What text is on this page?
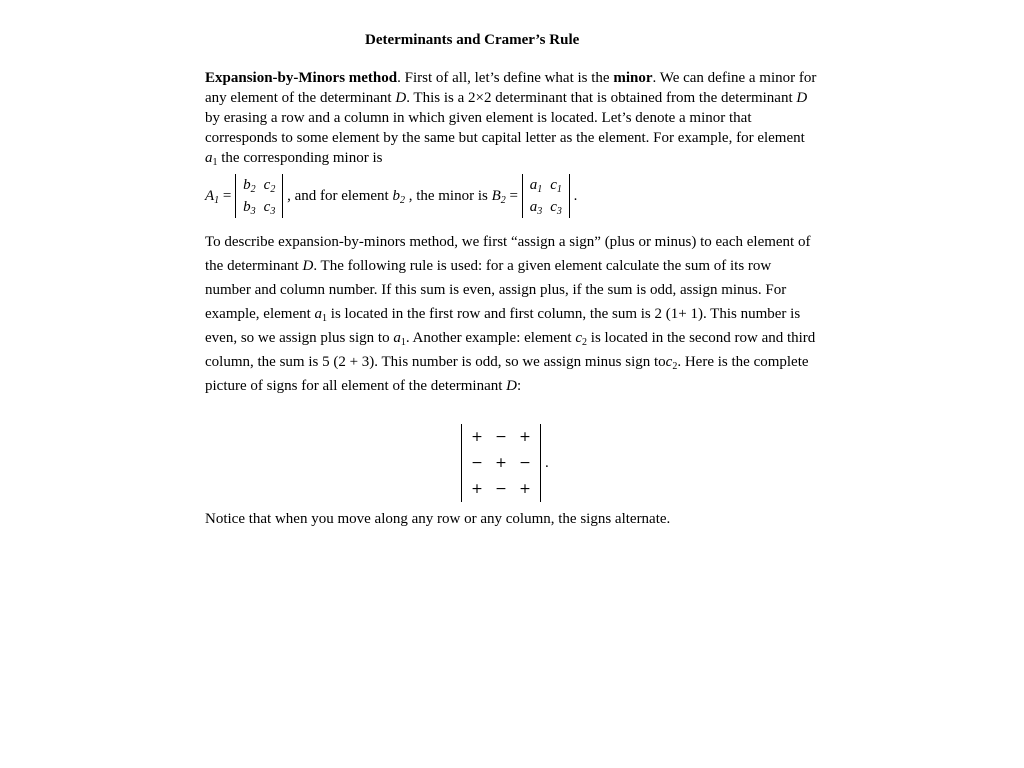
Determinants and Cramer’s Rule
Expansion-by-Minors method. First of all, let’s define what is the minor. We can define a minor for any element of the determinant D. This is a 2×2 determinant that is obtained from the determinant D by erasing a row and a column in which given element is located. Let’s denote a minor that corresponds to some element by the same but capital letter as the element. For example, for element $a_1$ the corresponding minor is
$A_1$ =
$b_2$	$c_2$
$b_3$	$c_3$
, and for element $b_2$ , the minor is $B_2$ =
$a_1$	$c_1$
$a_3$	$c_3$
.
To describe expansion-by-minors method, we first “assign a sign” (plus or minus) to each element of the determinant D. The following rule is used: for a given element calculate the sum of its row number and column number. If this sum is even, assign plus, if the sum is odd, assign minus. For example, element $a_1$ is located in the first row and first column, the sum is 2 (1+ 1). This number is even, so we assign plus sign to $a_1$. Another example: element $c_2$ is located in the second row and third column, the sum is 5 (2 + 3). This number is odd, so we assign minus sign toc$_2$. Here is the complete picture of signs for all element of the determinant D:
+	−	+
−	+	−
+	−	+
.
Notice that when you move along any row or any column, the signs alternate.
